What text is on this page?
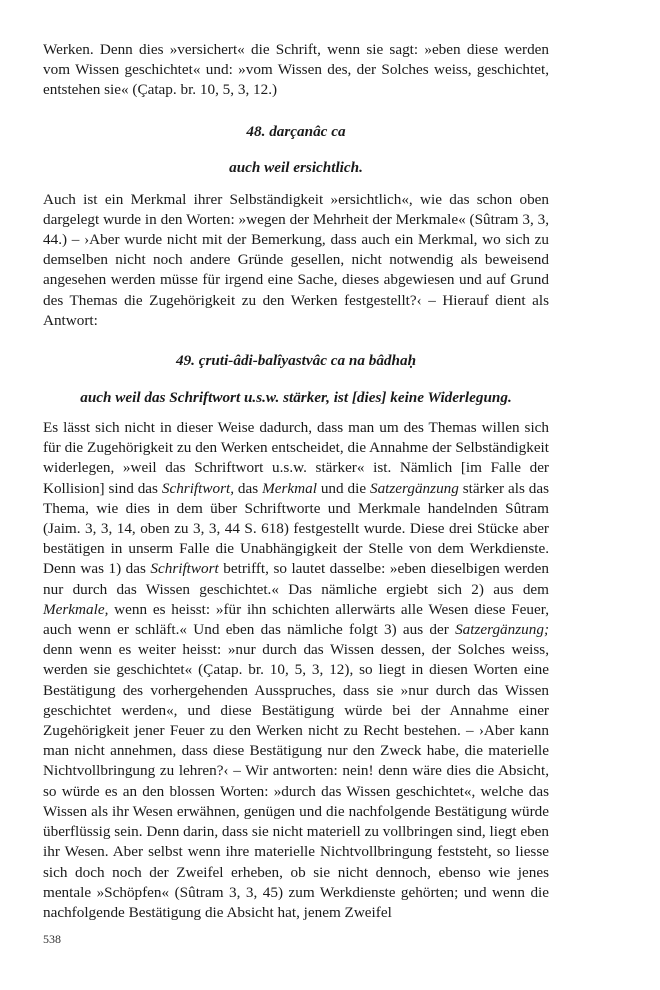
Werken. Denn dies »versichert« die Schrift, wenn sie sagt: »eben diese werden vom Wissen geschichtet« und: »vom Wissen des, der Solches weiss, geschichtet, entstehen sie« (Çatap. br. 10, 5, 3, 12.)

48. darçanâc ca

auch weil ersichtlich.

Auch ist ein Merkmal ihrer Selbständigkeit »ersichtlich«, wie das schon oben dargelegt wurde in den Worten: »wegen der Mehrheit der Merkmale« (Sûtram 3, 3, 44.) – ›Aber wurde nicht mit der Bemerkung, dass auch ein Merkmal, wo sich zu demselben nicht noch andere Gründe gesellen, nicht notwendig als beweisend angesehen werden müsse für irgend eine Sache, dieses abgewiesen und auf Grund des Themas die Zugehörigkeit zu den Werken festgestellt?‹ – Hierauf dient als Antwort:

49. çruti-âdi-balîyastvâc ca na bâdhaḥ

auch weil das Schriftwort u.s.w. stärker, ist [dies] keine Widerlegung.

Es lässt sich nicht in dieser Weise dadurch, dass man um des Themas willen sich für die Zugehörigkeit zu den Werken entscheidet, die Annahme der Selbständigkeit widerlegen, »weil das Schriftwort u.s.w. stärker« ist. Nämlich [im Falle der Kollision] sind das Schriftwort, das Merkmal und die Satzergänzung stärker als das Thema, wie dies in dem über Schriftworte und Merkmale handelnden Sûtram (Jaim. 3, 3, 14, oben zu 3, 3, 44 S. 618) festgestellt wurde. Diese drei Stücke aber bestätigen in unserm Falle die Unabhängigkeit der Stelle von dem Werkdienste. Denn was 1) das Schriftwort betrifft, so lautet dasselbe: »eben dieselbigen werden nur durch das Wissen geschichtet.« Das nämliche ergiebt sich 2) aus dem Merkmale, wenn es heisst: »für ihn schichten allerwärts alle Wesen diese Feuer, auch wenn er schläft.« Und eben das nämliche folgt 3) aus der Satzergänzung; denn wenn es weiter heisst: »nur durch das Wissen dessen, der Solches weiss, werden sie geschichtet« (Çatap. br. 10, 5, 3, 12), so liegt in diesen Worten eine Bestätigung des vorhergehenden Ausspruches, dass sie »nur durch das Wissen geschichtet werden«, und diese Bestätigung würde bei der Annahme einer Zugehörigkeit jener Feuer zu den Werken nicht zu Recht bestehen. – ›Aber kann man nicht annehmen, dass diese Bestätigung nur den Zweck habe, die materielle Nichtvollbringung zu lehren?‹ – Wir antworten: nein! denn wäre dies die Absicht, so würde es an den blossen Worten: »durch das Wissen geschichtet«, welche das Wissen als ihr Wesen erwähnen, genügen und die nachfolgende Bestätigung würde überflüssig sein. Denn darin, dass sie nicht materiell zu vollbringen sind, liegt eben ihr Wesen. Aber selbst wenn ihre materielle Nichtvollbringung feststeht, so liesse sich doch noch der Zweifel erheben, ob sie nicht dennoch, ebenso wie jenes mentale »Schöpfen« (Sûtram 3, 3, 45) zum Werkdienste gehörten; und wenn die nachfolgende Bestätigung die Absicht hat, jenem Zweifel

538
